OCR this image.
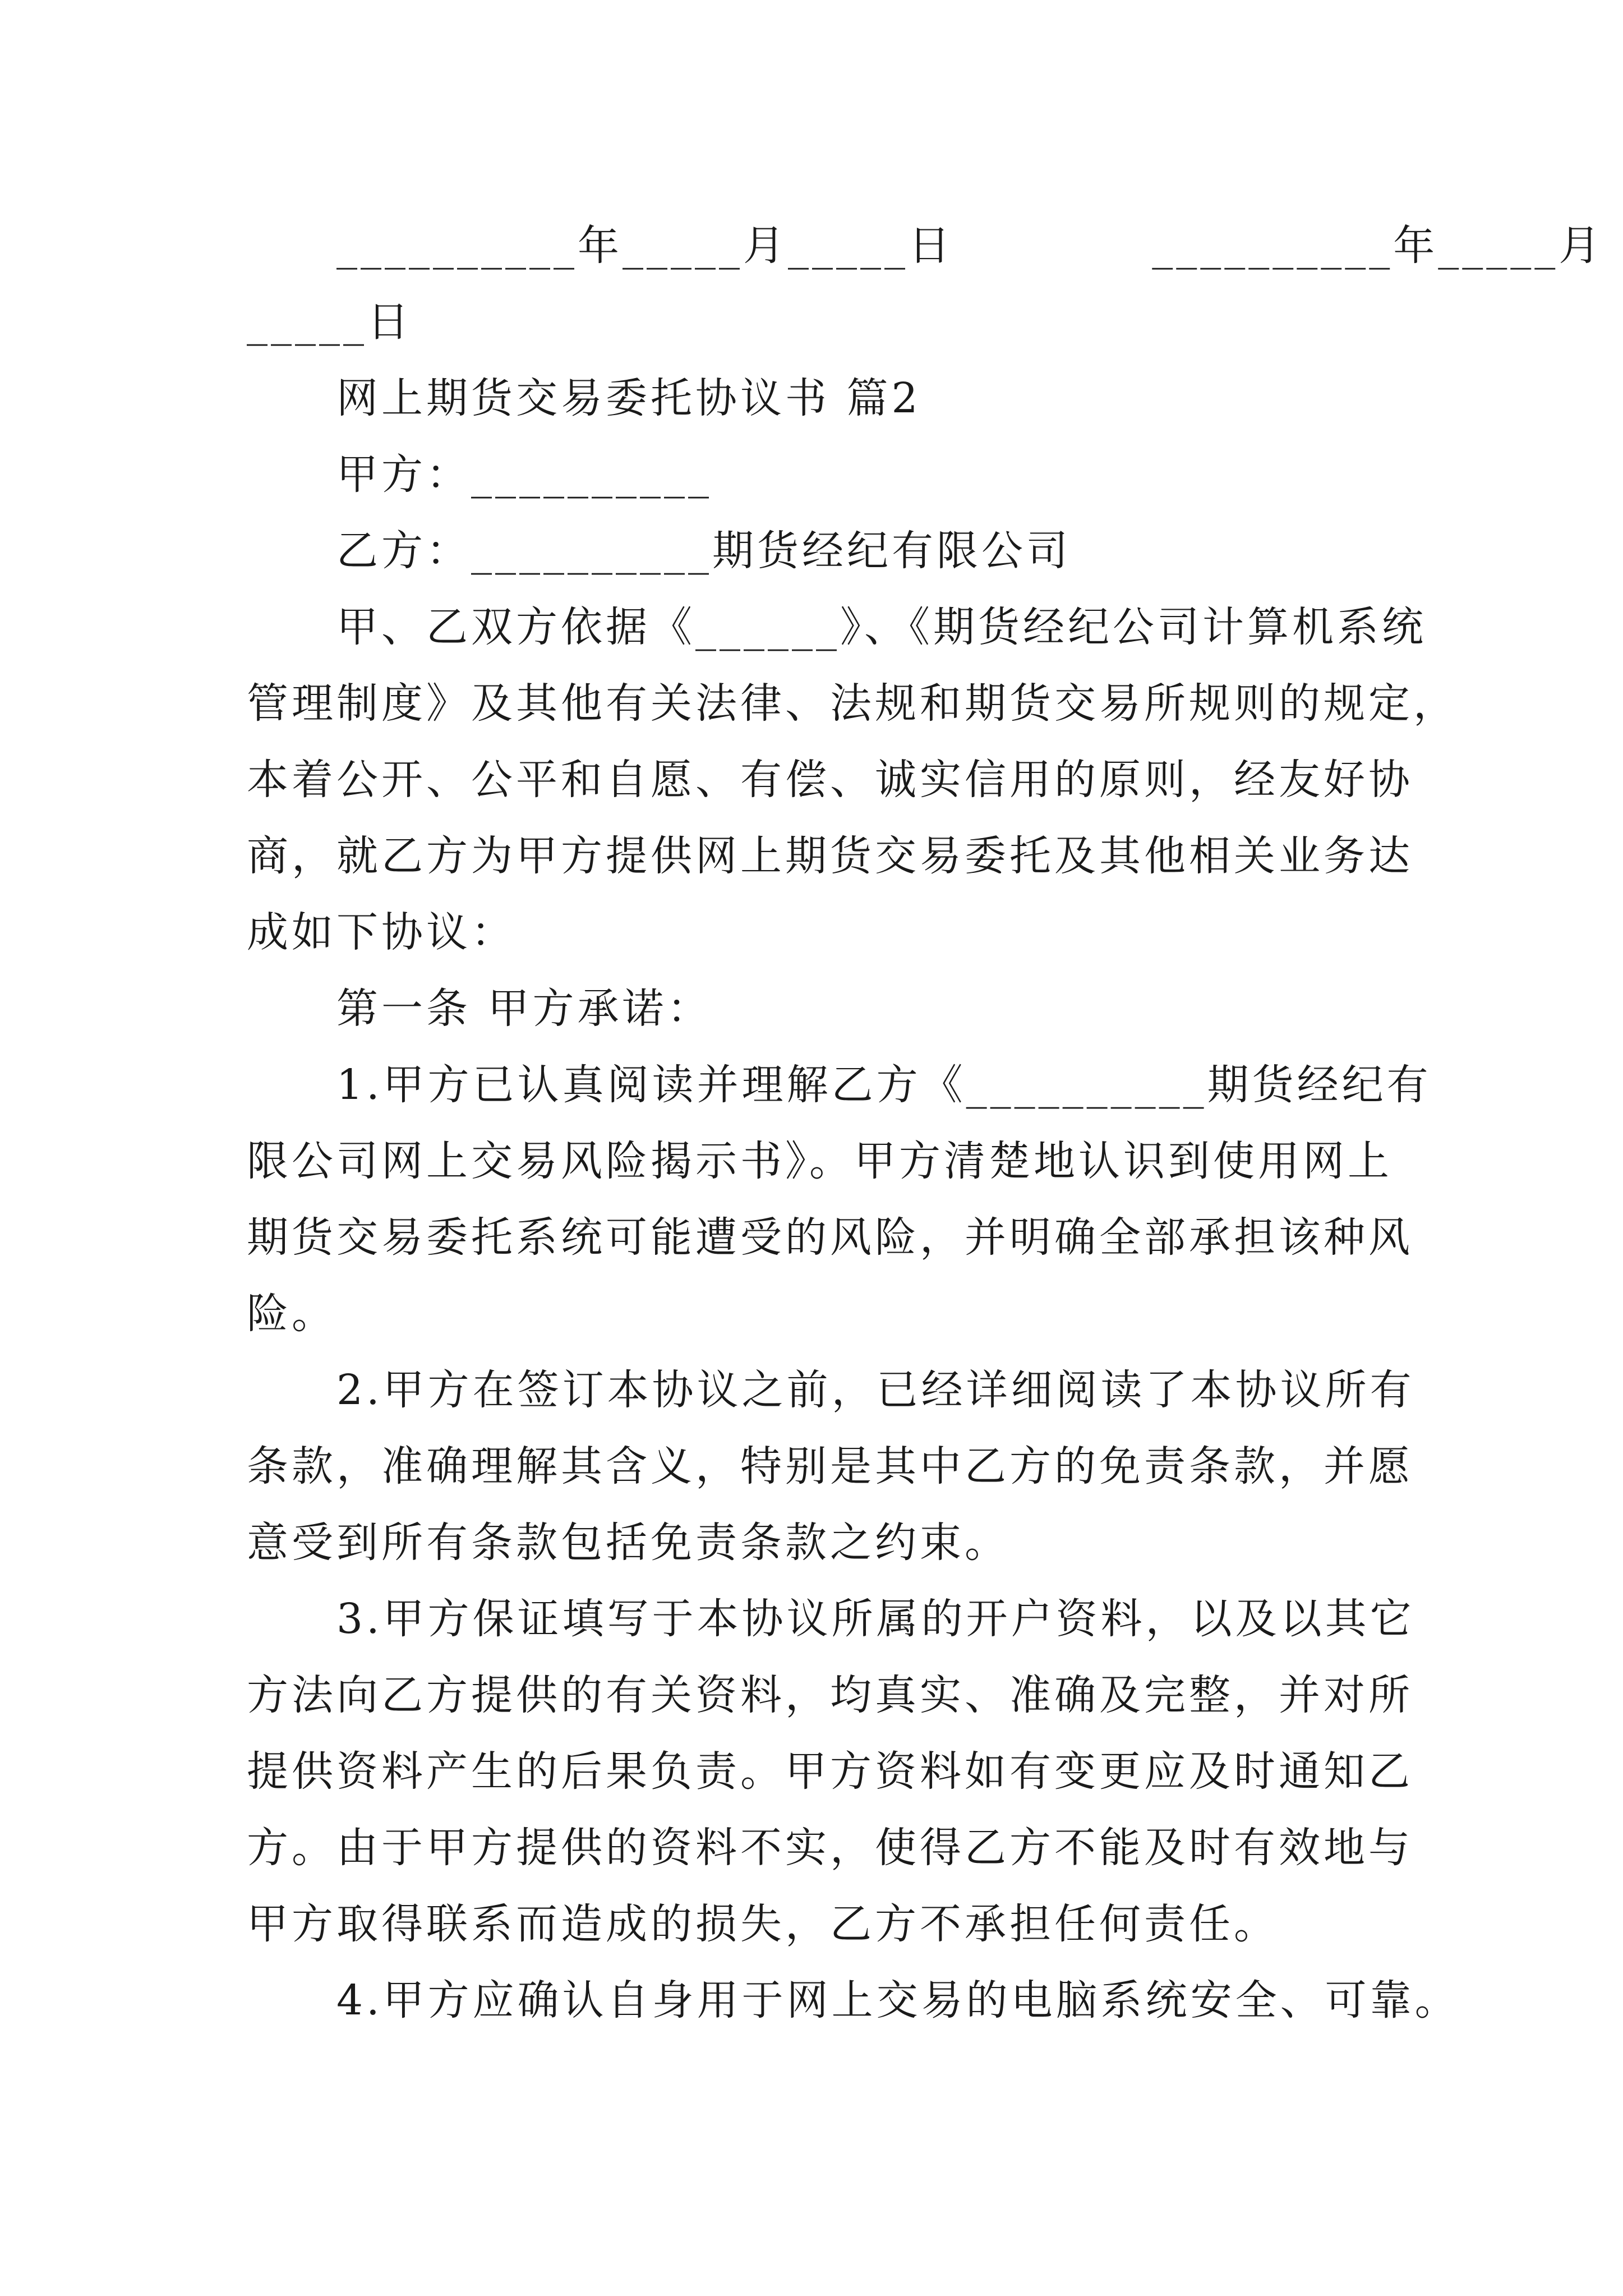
__________年_____月_____日            __________年_____月
_____日
网上期货交易委托协议书 篇2
甲方：__________
乙方：__________期货经纪有限公司
甲、乙双方依据《______》、《期货经纪公司计算机系统
管理制度》及其他有关法律、法规和期货交易所规则的规定，
本着公开、公平和自愿、有偿、诚实信用的原则，经友好协
商，就乙方为甲方提供网上期货交易委托及其他相关业务达
成如下协议：
第一条 甲方承诺：
1.甲方已认真阅读并理解乙方《__________期货经纪有
限公司网上交易风险揭示书》。甲方清楚地认识到使用网上
期货交易委托系统可能遭受的风险，并明确全部承担该种风
险。
2.甲方在签订本协议之前，已经详细阅读了本协议所有
条款，准确理解其含义，特别是其中乙方的免责条款，并愿
意受到所有条款包括免责条款之约束。
3.甲方保证填写于本协议所属的开户资料，以及以其它
方法向乙方提供的有关资料，均真实、准确及完整，并对所
提供资料产生的后果负责。甲方资料如有变更应及时通知乙
方。由于甲方提供的资料不实，使得乙方不能及时有效地与
甲方取得联系而造成的损失，乙方不承担任何责任。
4.甲方应确认自身用于网上交易的电脑系统安全、可靠。
